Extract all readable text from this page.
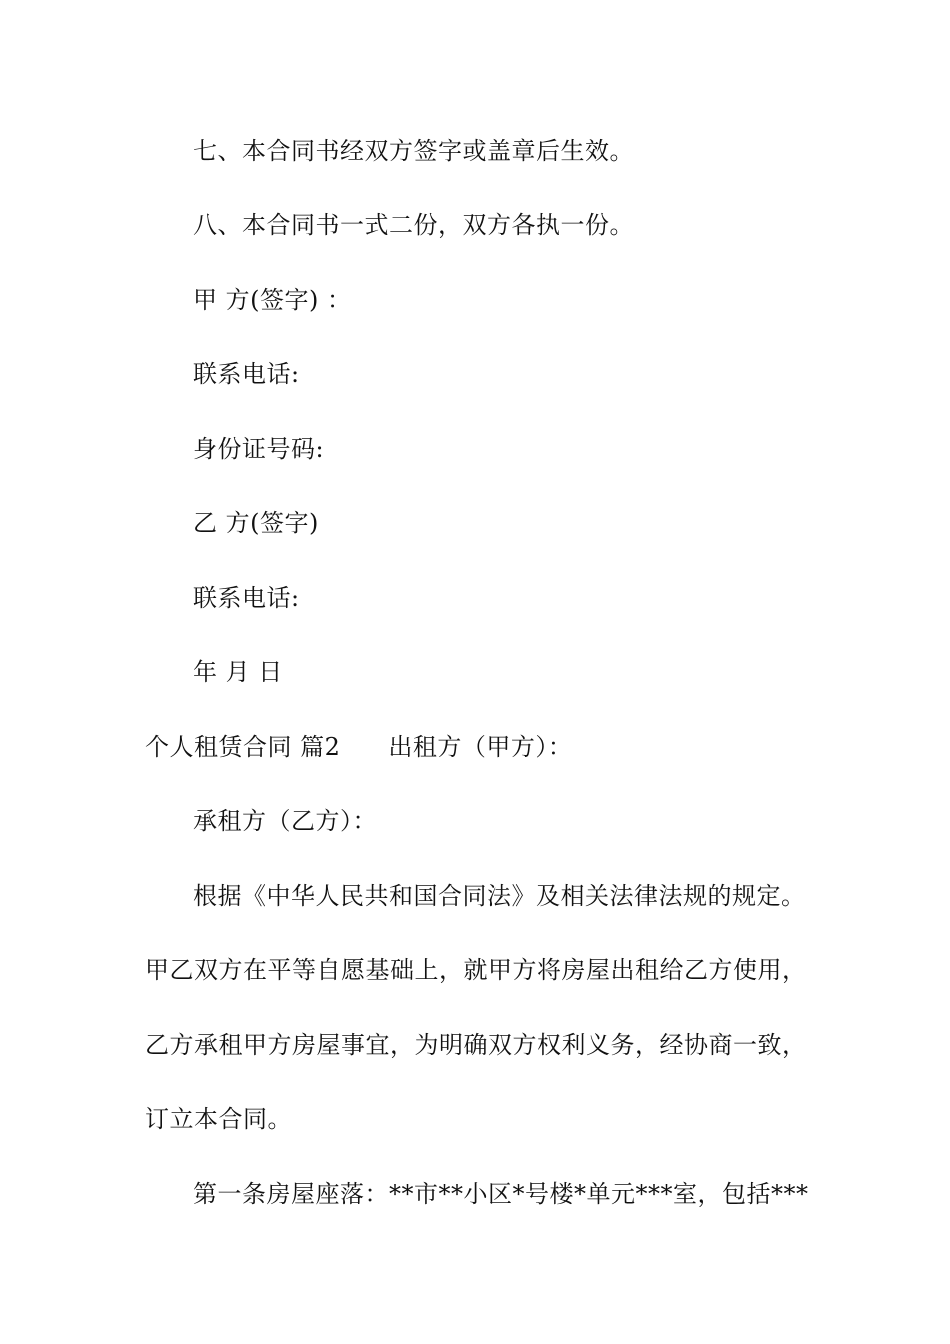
七、本合同书经双方签字或盖章后生效。
八、本合同书一式二份，双方各执一份。
甲 方(签字) ：
联系电话:
身份证号码:
乙 方(签字)
联系电话:
年 月 日
个人租赁合同 篇2 出租方（甲方）：
承租方（乙方）：
根据《中华人民共和国合同法》及相关法律法规的规定。
甲乙双方在平等自愿基础上，就甲方将房屋出租给乙方使用，
乙方承租甲方房屋事宜，为明确双方权利义务，经协商一致，
订立本合同。
第一条房屋座落：**市**小区*号楼*单元***室，包括***
